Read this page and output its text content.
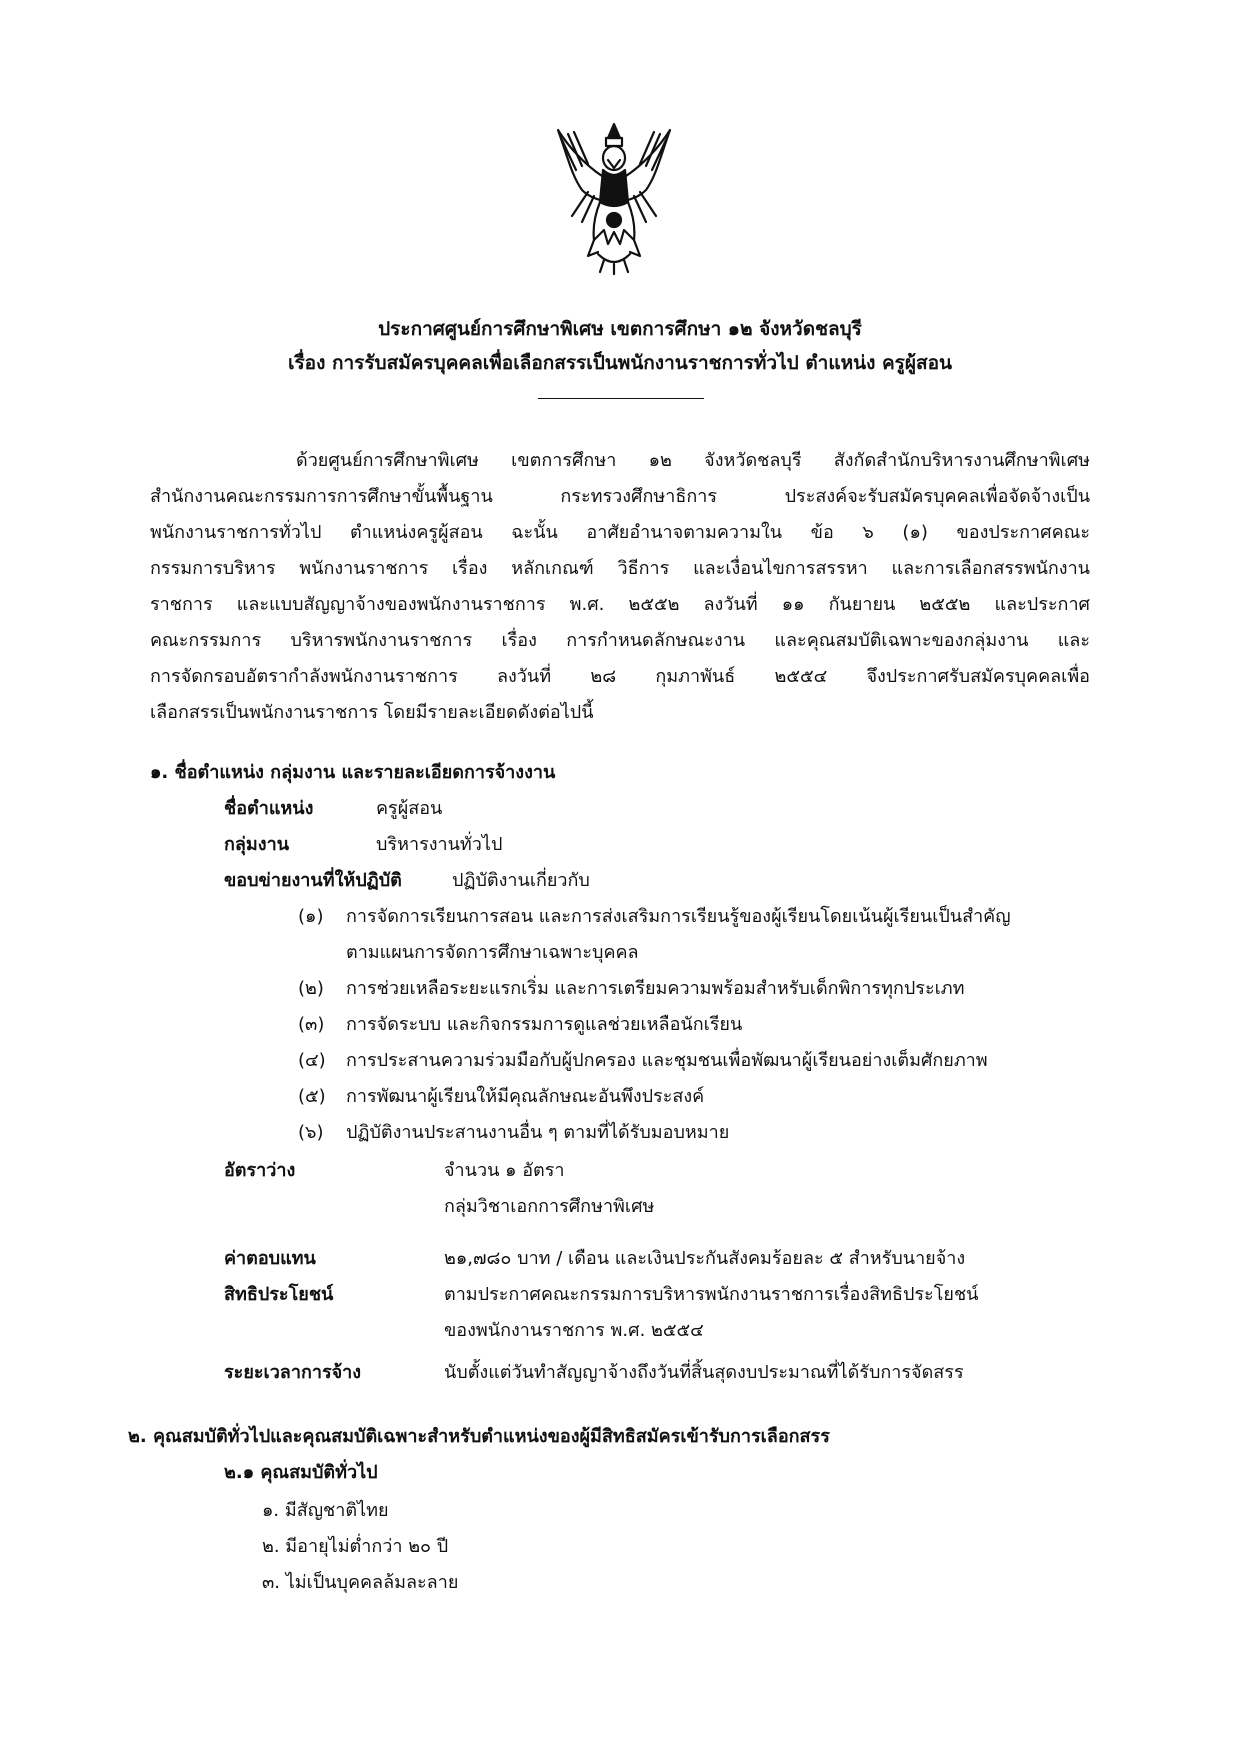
ประกาศศูนย์การศึกษาพิเศษ เขตการศึกษา ๑๒ จังหวัดชลบุรี
เรื่อง การรับสมัครบุคคลเพื่อเลือกสรรเป็นพนักงานราชการทั่วไป ตำแหน่ง ครูผู้สอน
ด้วยศูนย์การศึกษาพิเศษ เขตการศึกษา ๑๒ จังหวัดชลบุรี สังกัดสำนักบริหารงานศึกษาพิเศษ
สำนักงานคณะกรรมการการศึกษาขั้นพื้นฐาน กระทรวงศึกษาธิการ ประสงค์จะรับสมัครบุคคลเพื่อจัดจ้างเป็น
พนักงานราชการทั่วไป ตำแหน่งครูผู้สอน ฉะนั้น อาศัยอำนาจตามความใน ข้อ ๖ (๑) ของประกาศคณะ
กรรมการบริหาร พนักงานราชการ เรื่อง หลักเกณฑ์ วิธีการ และเงื่อนไขการสรรหา และการเลือกสรรพนักงาน
ราชการ และแบบสัญญาจ้างของพนักงานราชการ พ.ศ. ๒๕๕๒ ลงวันที่ ๑๑ กันยายน ๒๕๕๒ และประกาศ
คณะกรรมการ บริหารพนักงานราชการ เรื่อง การกำหนดลักษณะงาน และคุณสมบัติเฉพาะของกลุ่มงาน และ
การจัดกรอบอัตรากำลังพนักงานราชการ ลงวันที่ ๒๘ กุมภาพันธ์ ๒๕๕๔ จึงประกาศรับสมัครบุคคลเพื่อ
เลือกสรรเป็นพนักงานราชการ โดยมีรายละเอียดดังต่อไปนี้
๑. ชื่อตำแหน่ง กลุ่มงาน และรายละเอียดการจ้างงาน
ชื่อตำแหน่ง	ครูผู้สอน
กลุ่มงาน	บริหารงานทั่วไป
ขอบข่ายงานที่ให้ปฏิบัติ	ปฏิบัติงานเกี่ยวกับ
(๑) การจัดการเรียนการสอน และการส่งเสริมการเรียนรู้ของผู้เรียนโดยเน้นผู้เรียนเป็นสำคัญ
ตามแผนการจัดการศึกษาเฉพาะบุคคล
(๒) การช่วยเหลือระยะแรกเริ่ม และการเตรียมความพร้อมสำหรับเด็กพิการทุกประเภท
(๓) การจัดระบบ และกิจกรรมการดูแลช่วยเหลือนักเรียน
(๔) การประสานความร่วมมือกับผู้ปกครอง และชุมชนเพื่อพัฒนาผู้เรียนอย่างเต็มศักยภาพ
(๕) การพัฒนาผู้เรียนให้มีคุณลักษณะอันพึงประสงค์
(๖) ปฏิบัติงานประสานงานอื่น ๆ ตามที่ได้รับมอบหมาย
อัตราว่าง	จำนวน ๑ อัตรา
กลุ่มวิชาเอกการศึกษาพิเศษ
ค่าตอบแทน	๒๑,๗๘๐ บาท / เดือน และเงินประกันสังคมร้อยละ ๕ สำหรับนายจ้าง
สิทธิประโยชน์	ตามประกาศคณะกรรมการบริหารพนักงานราชการเรื่องสิทธิประโยชน์
ของพนักงานราชการ พ.ศ. ๒๕๕๔
ระยะเวลาการจ้าง	นับตั้งแต่วันทำสัญญาจ้างถึงวันที่สิ้นสุดงบประมาณที่ได้รับการจัดสรร
๒. คุณสมบัติทั่วไปและคุณสมบัติเฉพาะสำหรับตำแหน่งของผู้มีสิทธิสมัครเข้ารับการเลือกสรร
๒.๑ คุณสมบัติทั่วไป
๑. มีสัญชาติไทย
๒. มีอายุไม่ต่ำกว่า ๒๐ ปี
๓. ไม่เป็นบุคคลล้มละลาย
